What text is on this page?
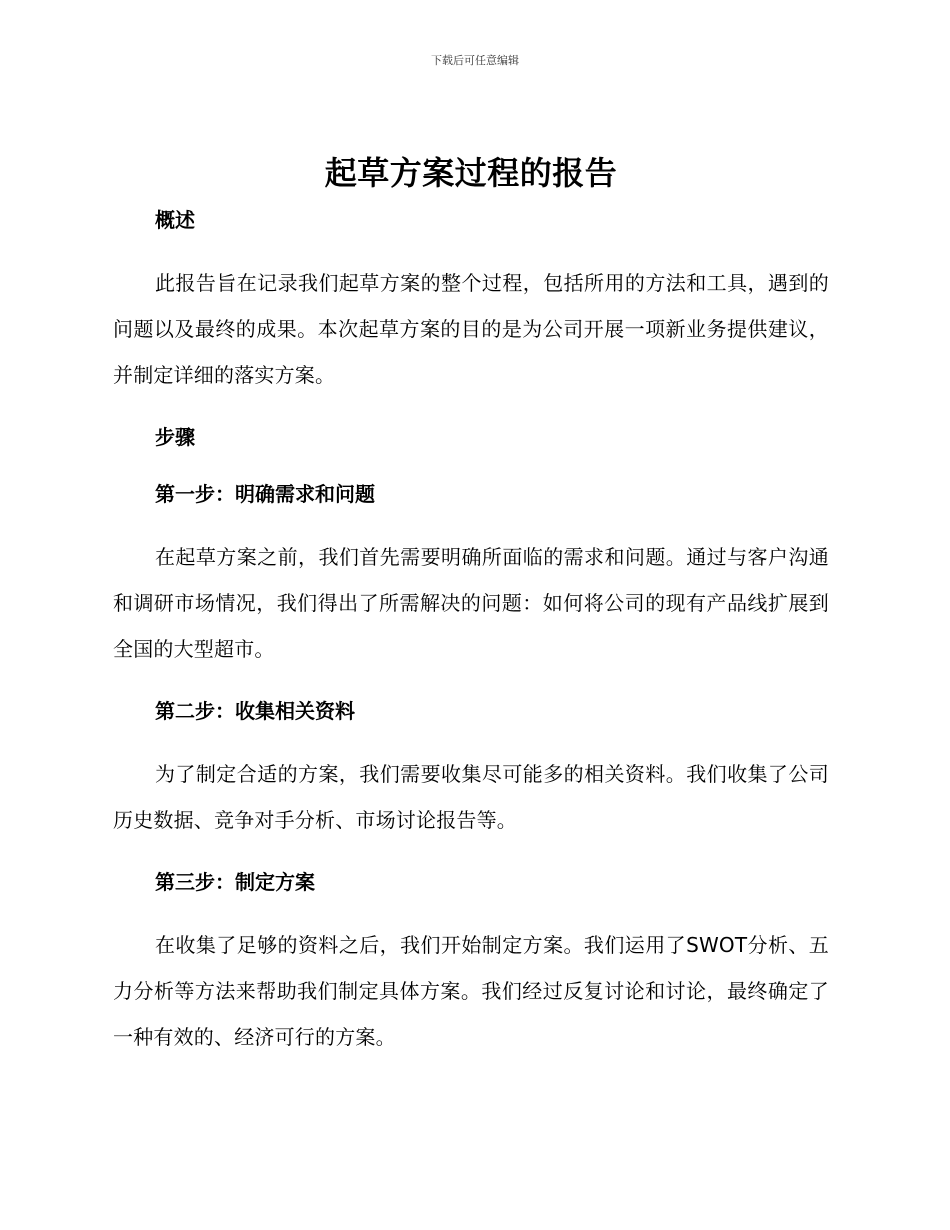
下载后可任意编辑
起草方案过程的报告
概述

此报告旨在记录我们起草方案的整个过程，包括所用的方法和工具，遇到的问题以及最终的成果。本次起草方案的目的是为公司开展一项新业务提供建议，并制定详细的落实方案。

步骤
第一步：明确需求和问题

在起草方案之前，我们首先需要明确所面临的需求和问题。通过与客户沟通和调研市场情况，我们得出了所需解决的问题：如何将公司的现有产品线扩展到全国的大型超市。

第二步：收集相关资料

为了制定合适的方案，我们需要收集尽可能多的相关资料。我们收集了公司历史数据、竞争对手分析、市场讨论报告等。

第三步：制定方案

在收集了足够的资料之后，我们开始制定方案。我们运用了SWOT分析、五力分析等方法来帮助我们制定具体方案。我们经过反复讨论和讨论，最终确定了一种有效的、经济可行的方案。
